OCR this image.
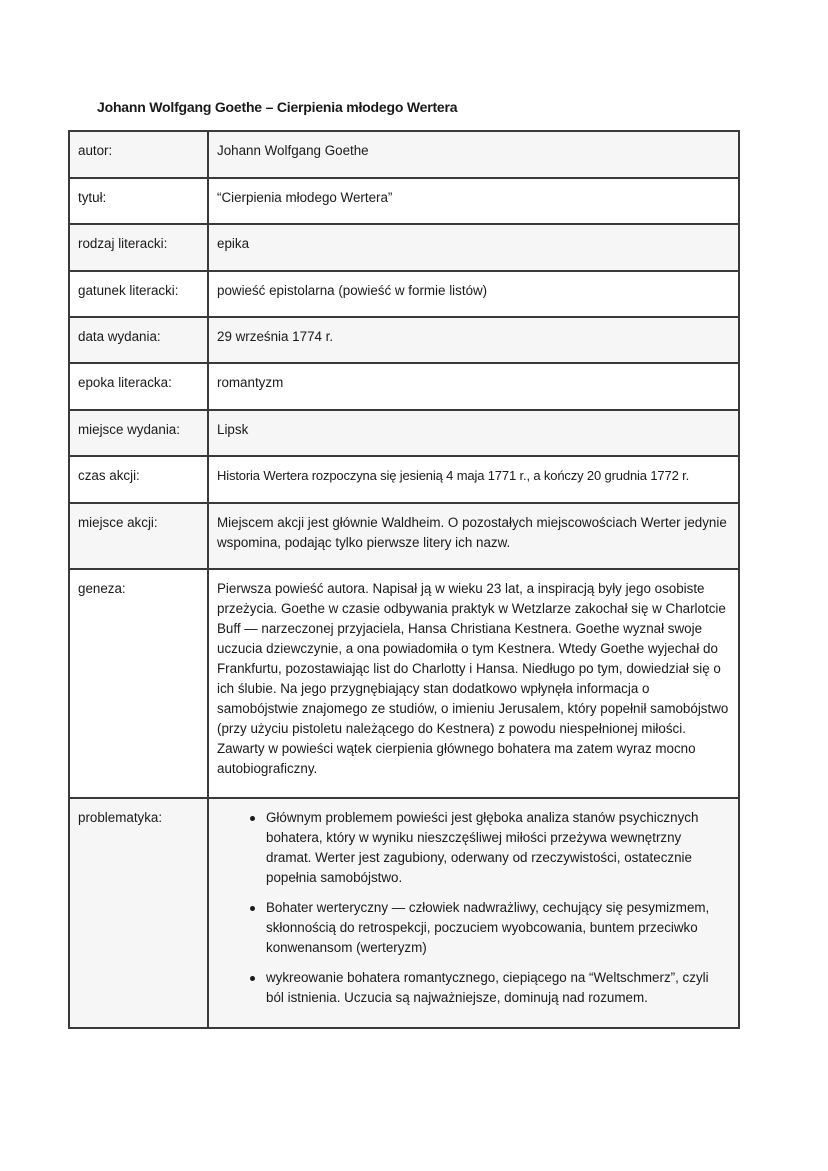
Johann Wolfgang Goethe – Cierpienia młodego Wertera
autor:	Johann Wolfgang Goethe
tytuł:	“Cierpienia młodego Wertera”
rodzaj literacki:	epika
gatunek literacki:	powieść epistolarna (powieść w formie listów)
data wydania:	29 września 1774 r.
epoka literacka:	romantyzm
miejsce wydania:	Lipsk
czas akcji:	Historia Wertera rozpoczyna się jesienią 4 maja 1771 r., a kończy 20 grudnia 1772 r.
miejsce akcji:	Miejscem akcji jest głównie Waldheim. O pozostałych miejscowościach Werter jedynie wspomina, podając tylko pierwsze litery ich nazw.
geneza:	Pierwsza powieść autora. Napisał ją w wieku 23 lat, a inspiracją były jego osobiste przeżycia. Goethe w czasie odbywania praktyk w Wetzlarze zakochał się w Charlotcie Buff — narzeczonej przyjaciela, Hansa Christiana Kestnera. Goethe wyznał swoje uczucia dziewczynie, a ona powiadomiła o tym Kestnera. Wtedy Goethe wyjechał do Frankfurtu, pozostawiając list do Charlotty i Hansa. Niedługo po tym, dowiedział się o ich ślubie. Na jego przygnębiający stan dodatkowo wpłynęła informacja o samobójstwie znajomego ze studiów, o imieniu Jerusalem, który popełnił samobójstwo (przy użyciu pistoletu należącego do Kestnera) z powodu niespełnionej miłości. Zawarty w powieści wątek cierpienia głównego bohatera ma zatem wyraz mocno autobiograficzny.
problematyka:	Głównym problemem powieści jest głęboka analiza stanów psychicznych bohatera, który w wyniku nieszczęśliwej miłości przeżywa wewnętrzny dramat. Werter jest zagubiony, oderwany od rzeczywistości, ostatecznie popełnia samobójstwo.
Bohater werteryczny — człowiek nadwrażliwy, cechujący się pesymizmem, skłonnością do retrospekcji, poczuciem wyobcowania, buntem przeciwko konwenansom (werteryzm)
wykreowanie bohatera romantycznego, ciepiącego na “Weltschmerz”, czyli ból istnienia. Uczucia są najważniejsze, dominują nad rozumem.
